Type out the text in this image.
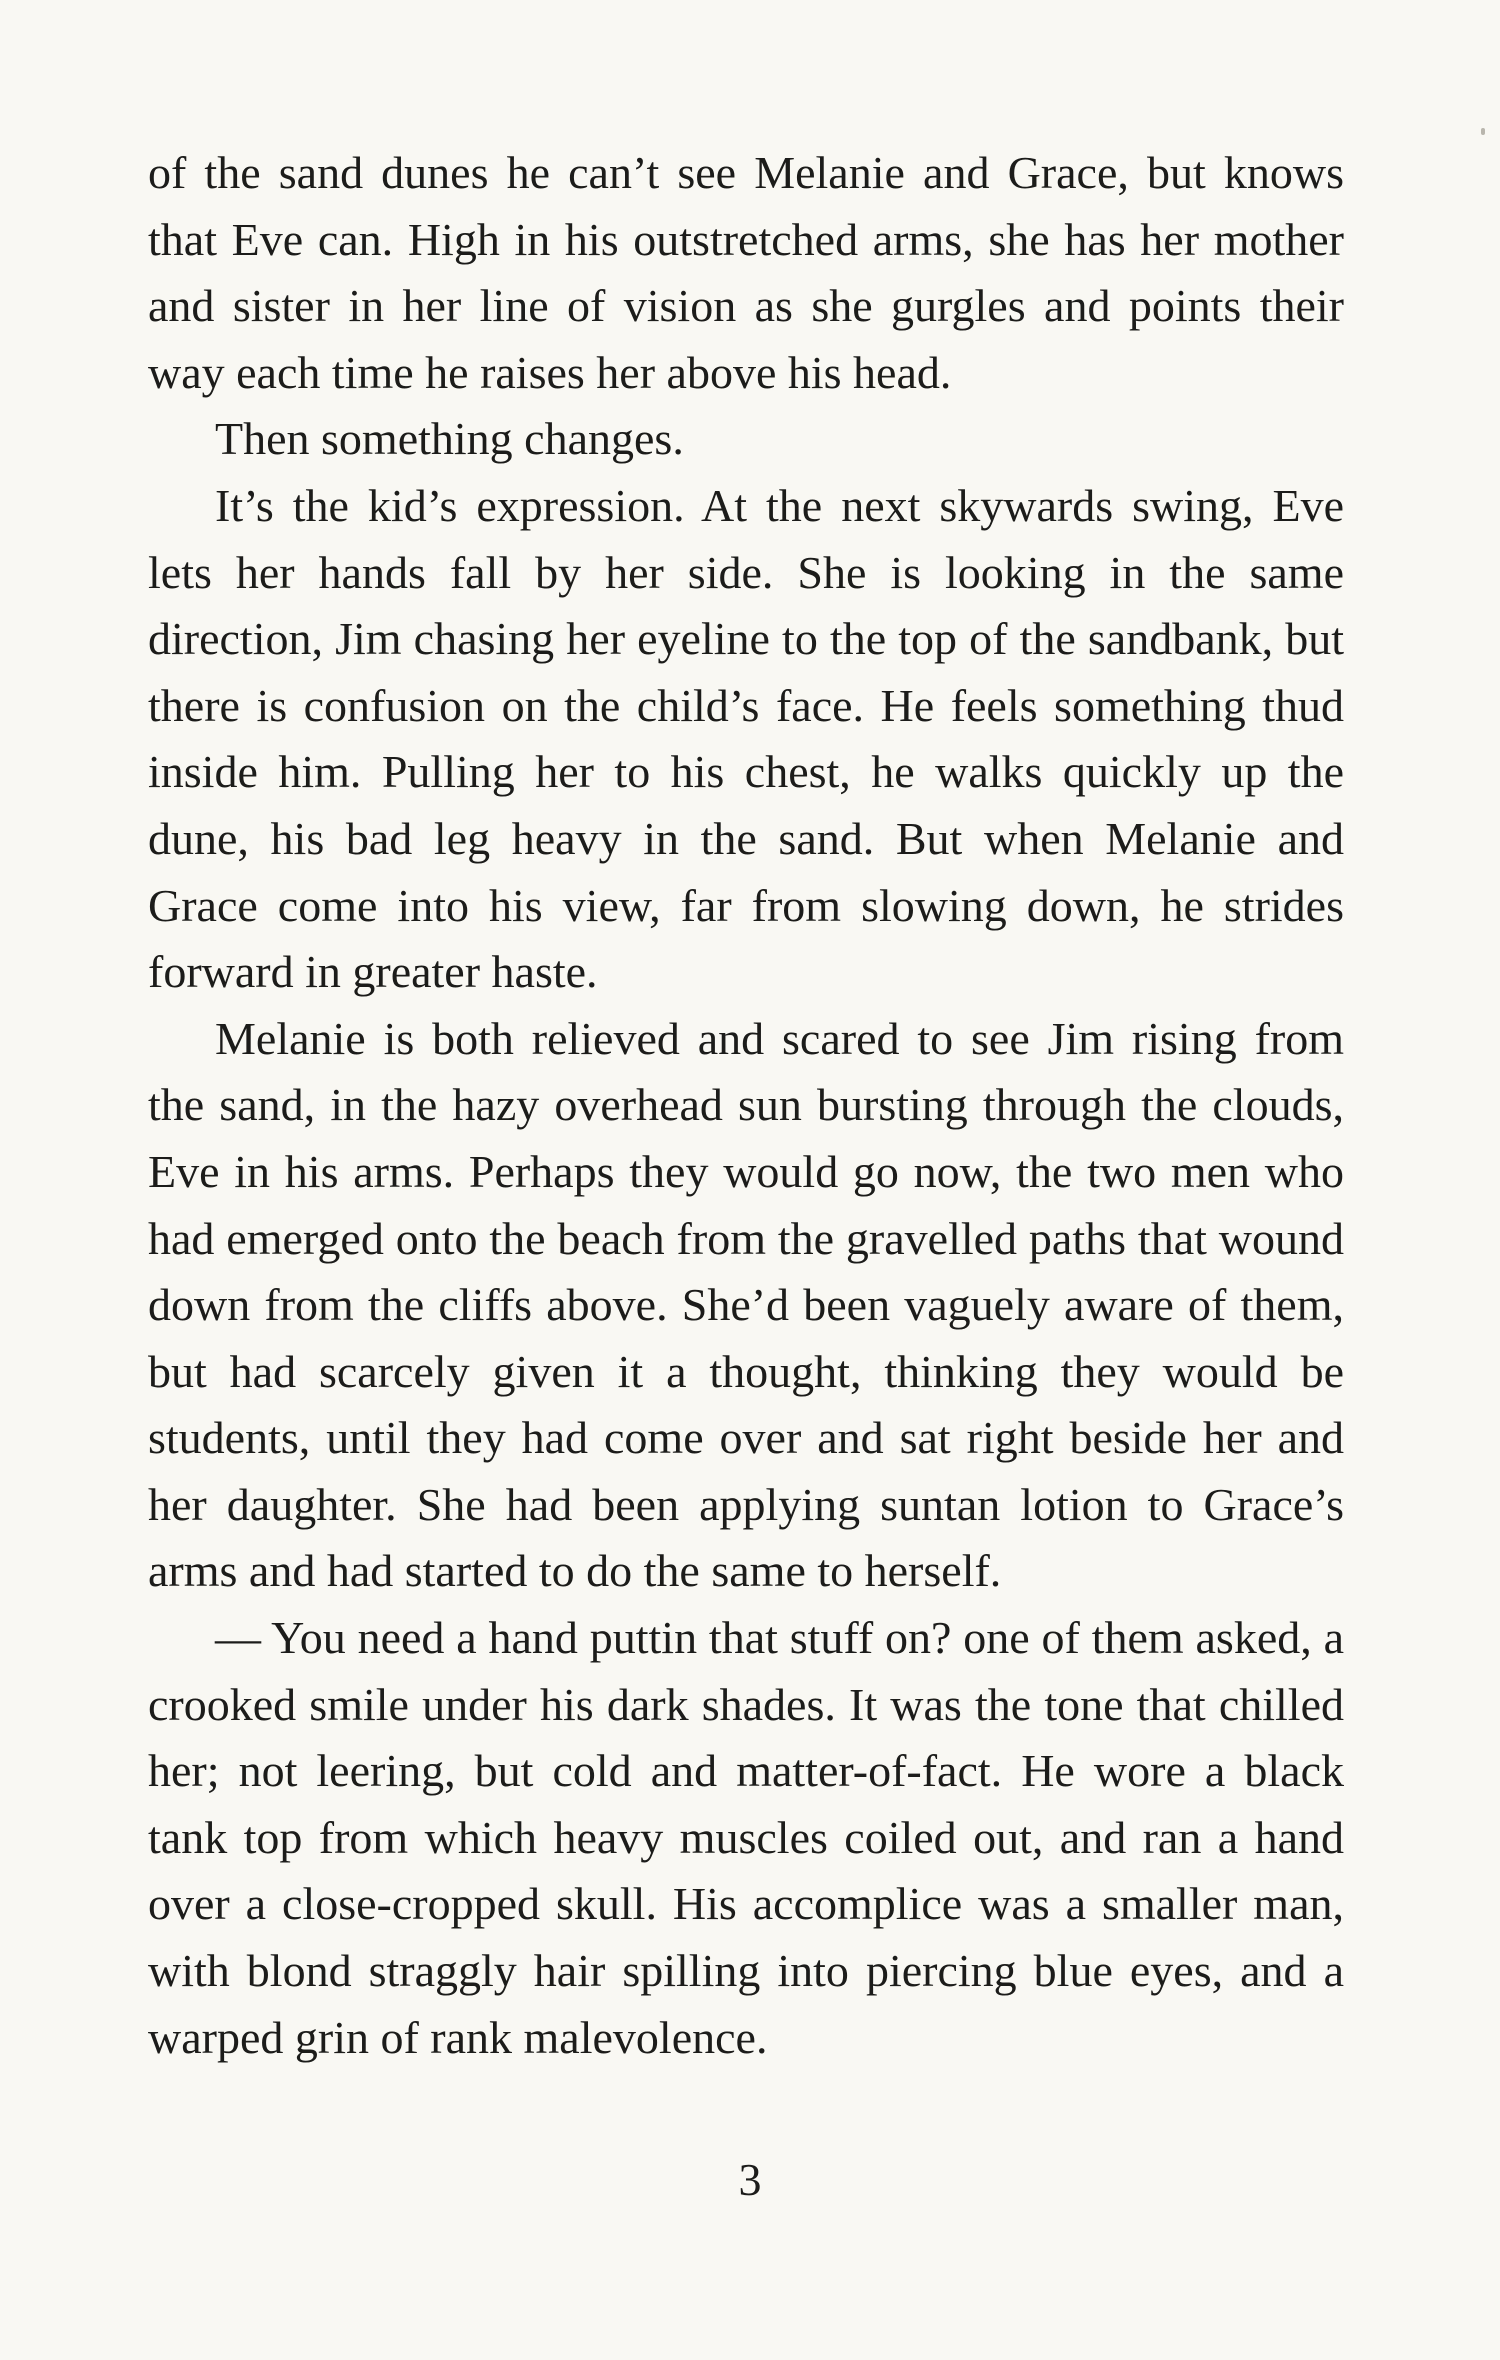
of the sand dunes he can’t see Melanie and Grace, but knows that Eve can. High in his outstretched arms, she has her mother and sister in her line of vision as she gurgles and points their way each time he raises her above his head.

Then something changes.

It’s the kid’s expression. At the next skywards swing, Eve lets her hands fall by her side. She is looking in the same direction, Jim chasing her eyeline to the top of the sandbank, but there is confusion on the child’s face. He feels something thud inside him. Pulling her to his chest, he walks quickly up the dune, his bad leg heavy in the sand. But when Melanie and Grace come into his view, far from slowing down, he strides forward in greater haste.

Melanie is both relieved and scared to see Jim rising from the sand, in the hazy overhead sun bursting through the clouds, Eve in his arms. Perhaps they would go now, the two men who had emerged onto the beach from the gravelled paths that wound down from the cliffs above. She’d been vaguely aware of them, but had scarcely given it a thought, thinking they would be students, until they had come over and sat right beside her and her daughter. She had been applying suntan lotion to Grace’s arms and had started to do the same to herself.

— You need a hand puttin that stuff on? one of them asked, a crooked smile under his dark shades. It was the tone that chilled her; not leering, but cold and matter-of-fact. He wore a black tank top from which heavy muscles coiled out, and ran a hand over a close-cropped skull. His accomplice was a smaller man, with blond straggly hair spilling into piercing blue eyes, and a warped grin of rank malevolence.

3
